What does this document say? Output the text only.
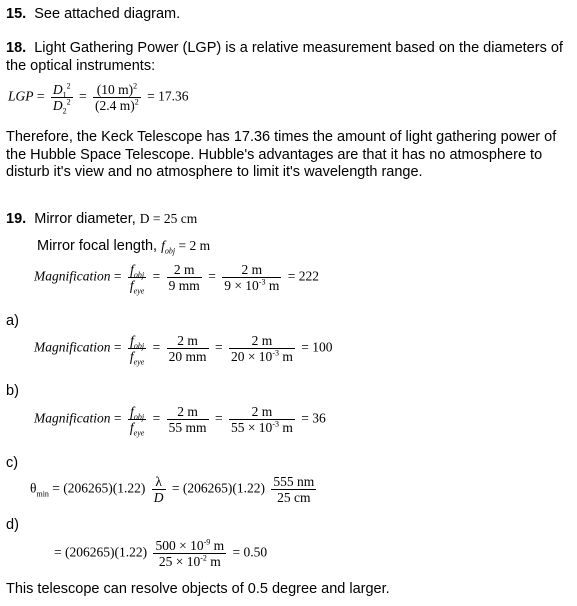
15. See attached diagram.
18. Light Gathering Power (LGP) is a relative measurement based on the diameters of the optical instruments:
LGP = $\frac{D_1^2}{D_2^2} = \frac{(10 m)^2}{(2.4 m)^2} = 17.36$
Therefore, the Keck Telescope has 17.36 times the amount of light gathering power of the Hubble Space Telescope. Hubble's advantages are that it has no atmosphere to disturb it's view and no atmosphere to limit it's wavelength range.
19. Mirror diameter, D = 25 cm
Mirror focal length, $f_{obj} = 2$ m
Magnification = $\frac{f_{obj}}{f_{eye}} = \frac{2 m}{9 mm} = \frac{2 m}{9 \times 10^{-3} m} = 222$
a)
Magnification = $\frac{f_{obj}}{f_{eye}} = \frac{2 m}{20 mm} = \frac{2 m}{20 \times 10^{-3} m} = 100$
b)
Magnification = $\frac{f_{obj}}{f_{eye}} = \frac{2 m}{55 mm} = \frac{2 m}{55 \times 10^{-3} m} = 36$
c)
$\theta_{min} = (206265)(1.22) \frac{\lambda}{D} = (206265)(1.22) \frac{555 nm}{25 cm}$
d)
= $(206265)(1.22) \frac{500 \times 10^{-9} m}{25 \times 10^{-2} m} = 0.50$
This telescope can resolve objects of 0.5 degree and larger.
